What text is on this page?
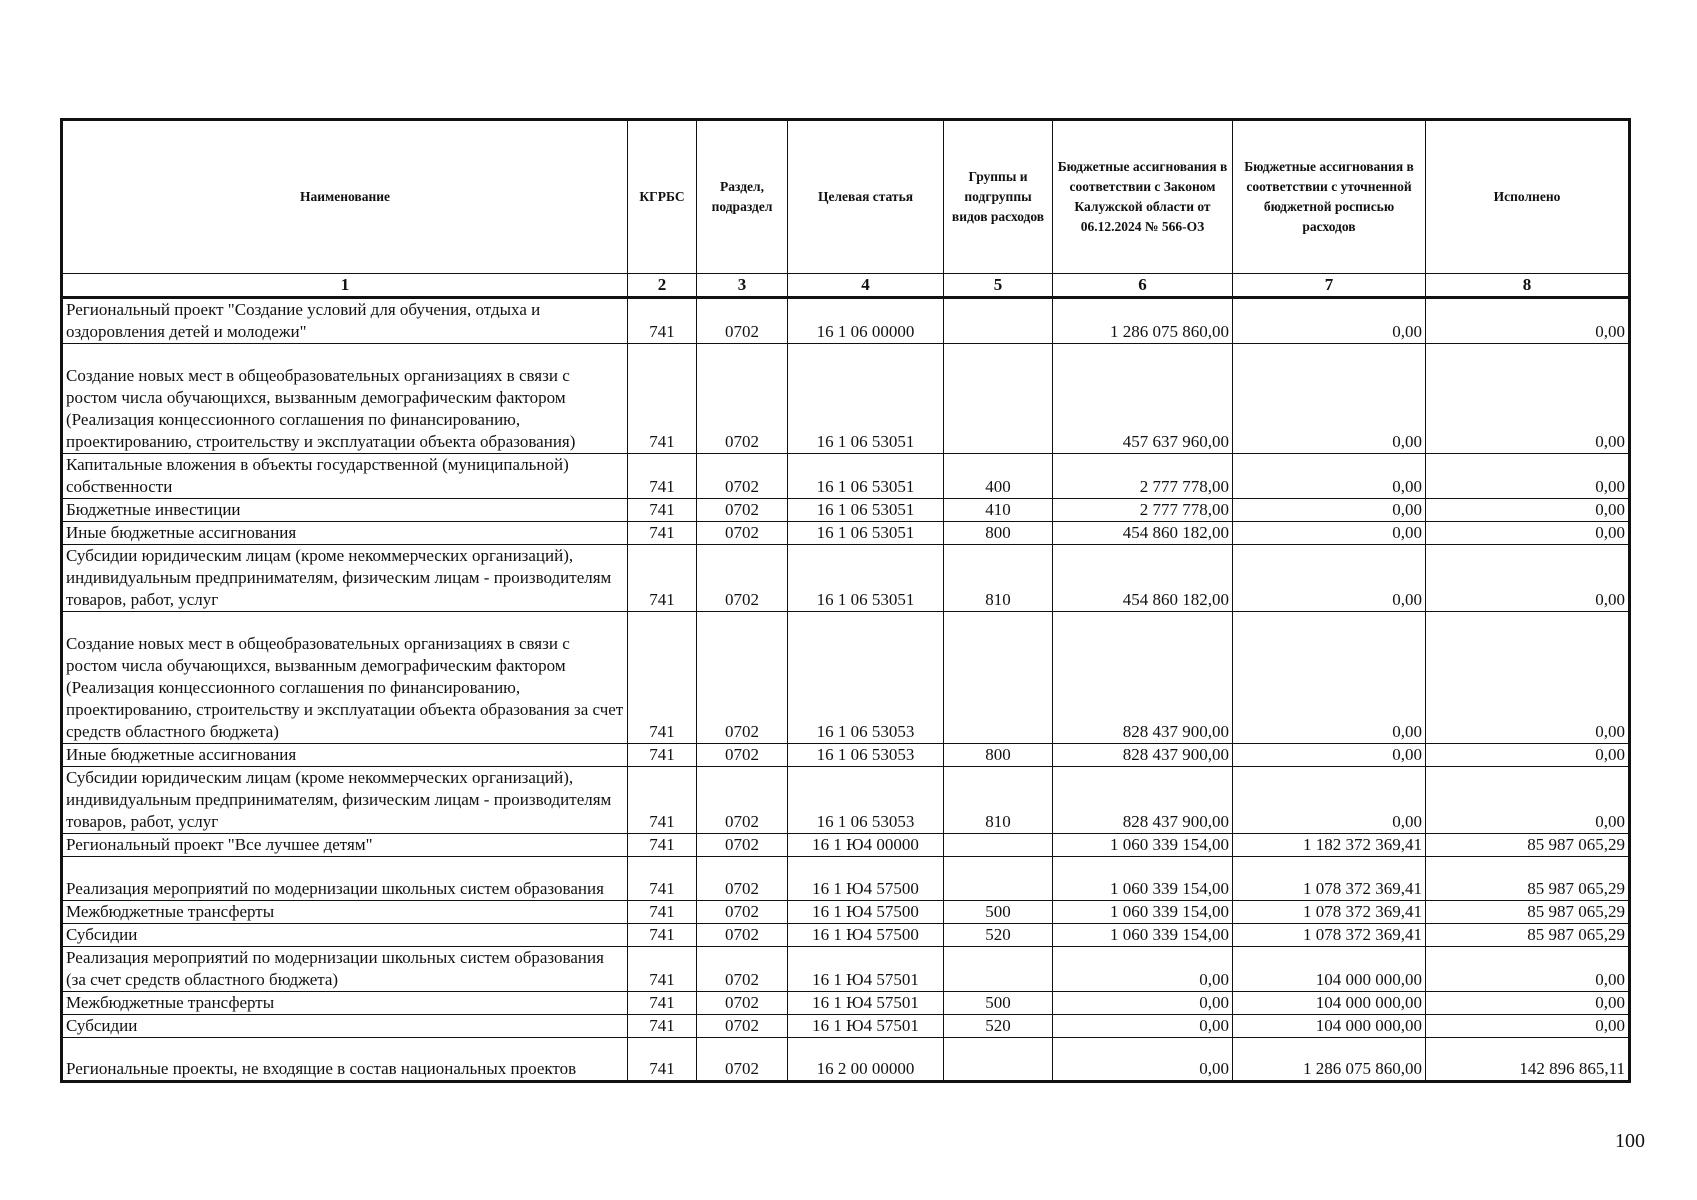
Наименование	КГРБС	Раздел, подраздел	Целевая статья	Группы и подгруппы видов расходов	Бюджетные ассигнования в соответствии с Законом Калужской области от 06.12.2024 № 566-ОЗ	Бюджетные ассигнования в соответствии с уточненной бюджетной росписью расходов	Исполнено
1	2	3	4	5	6	7	8
Региональный проект "Создание условий для обучения, отдыха и оздоровления детей и молодежи"	741	0702	16 1 06 00000		1 286 075 860,00	0,00	0,00
Создание новых мест в общеобразовательных организациях в связи с ростом числа обучающихся, вызванным демографическим фактором (Реализация концессионного соглашения по финансированию, проектированию, строительству и эксплуатации объекта образования)	741	0702	16 1 06 53051		457 637 960,00	0,00	0,00
Капитальные вложения в объекты государственной (муниципальной) собственности	741	0702	16 1 06 53051	400	2 777 778,00	0,00	0,00
Бюджетные инвестиции	741	0702	16 1 06 53051	410	2 777 778,00	0,00	0,00
Иные бюджетные ассигнования	741	0702	16 1 06 53051	800	454 860 182,00	0,00	0,00
Субсидии юридическим лицам (кроме некоммерческих организаций), индивидуальным предпринимателям, физическим лицам - производителям товаров, работ, услуг	741	0702	16 1 06 53051	810	454 860 182,00	0,00	0,00
Создание новых мест в общеобразовательных организациях в связи с ростом числа обучающихся, вызванным демографическим фактором (Реализация концессионного соглашения по финансированию, проектированию, строительству и эксплуатации объекта образования за счет средств областного бюджета)	741	0702	16 1 06 53053		828 437 900,00	0,00	0,00
Иные бюджетные ассигнования	741	0702	16 1 06 53053	800	828 437 900,00	0,00	0,00
Субсидии юридическим лицам (кроме некоммерческих организаций), индивидуальным предпринимателям, физическим лицам - производителям товаров, работ, услуг	741	0702	16 1 06 53053	810	828 437 900,00	0,00	0,00
Региональный проект "Все лучшее детям"	741	0702	16 1 Ю4 00000		1 060 339 154,00	1 182 372 369,41	85 987 065,29
Реализация мероприятий по модернизации школьных систем образования	741	0702	16 1 Ю4 57500		1 060 339 154,00	1 078 372 369,41	85 987 065,29
Межбюджетные трансферты	741	0702	16 1 Ю4 57500	500	1 060 339 154,00	1 078 372 369,41	85 987 065,29
Субсидии	741	0702	16 1 Ю4 57500	520	1 060 339 154,00	1 078 372 369,41	85 987 065,29
Реализация мероприятий по модернизации школьных систем образования (за счет средств областного бюджета)	741	0702	16 1 Ю4 57501		0,00	104 000 000,00	0,00
Межбюджетные трансферты	741	0702	16 1 Ю4 57501	500	0,00	104 000 000,00	0,00
Субсидии	741	0702	16 1 Ю4 57501	520	0,00	104 000 000,00	0,00
Региональные проекты, не входящие в состав национальных проектов	741	0702	16 2 00 00000		0,00	1 286 075 860,00	142 896 865,11
100
